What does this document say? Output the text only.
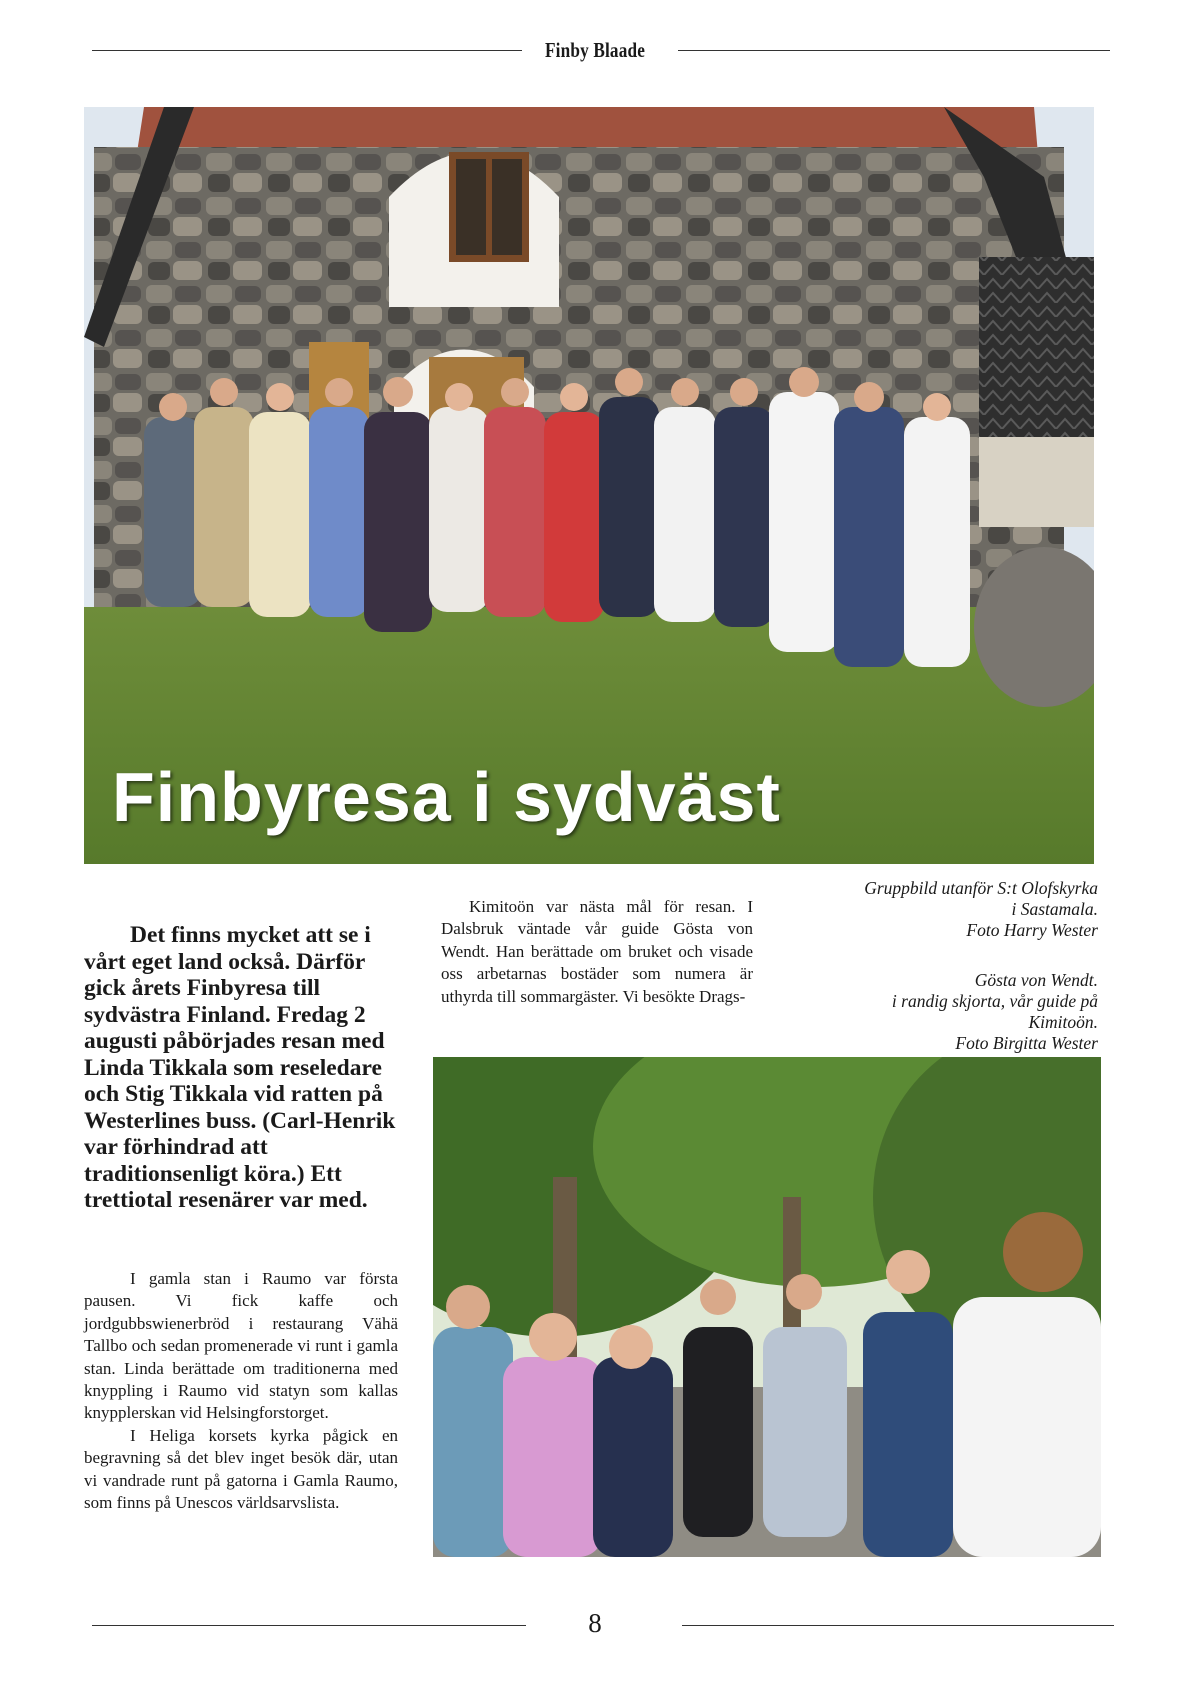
Finby Blaade
Finbyresa i sydväst
Det finns mycket att se i vårt eget land också. Därför gick årets Finbyresa till sydvästra Finland. Fredag 2 augusti påbörjades resan med Linda Tikkala som reseledare och Stig Tikkala vid ratten på Westerlines buss. (Carl-Henrik var förhindrad att traditionsenligt köra.) Ett trettiotal resenärer var med.

I gamla stan i Raumo var första pausen. Vi fick kaffe och jordgubbswienerbröd i restaurang Vähä Tallbo och sedan promenerade vi runt i gamla stan. Linda berättade om traditionerna med knyppling i Raumo vid statyn som kallas knypplerskan vid Helsingforstorget.

I Heliga korsets kyrka pågick en begravning så det blev inget besök där, utan vi vandrade runt på gatorna i Gamla Raumo, som finns på Unescos världsarvslista.

Kimitoön var nästa mål för resan. I Dalsbruk väntade vår guide Gösta von Wendt. Han berättade om bruket och visade oss arbetarnas bostäder som numera är uthyrda till sommargäster. Vi besökte Drags-

Gruppbild utanför S:t Olofskyrka
i Sastamala.
Foto Harry Wester
Gösta von Wendt.
i randig skjorta, vår guide på
Kimitoön.
Foto Birgitta Wester
8
